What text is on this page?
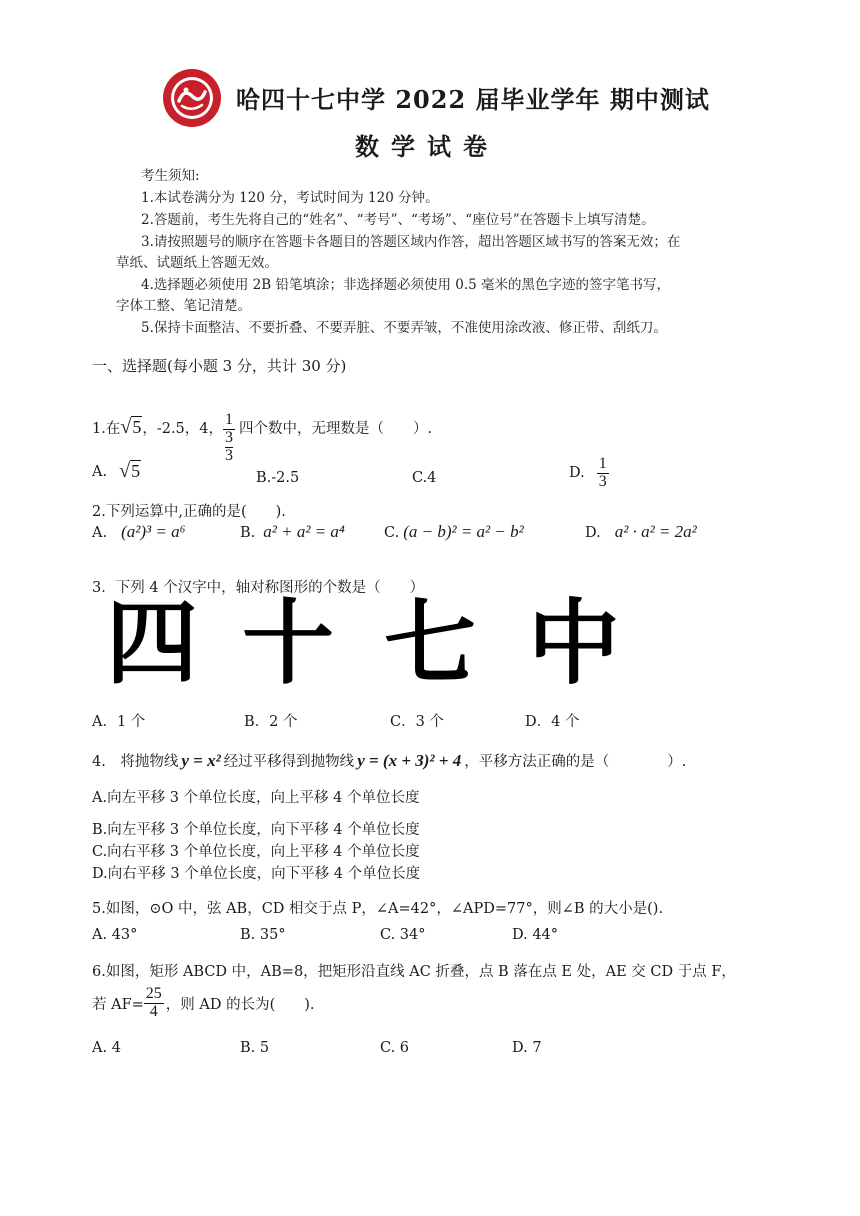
哈四十七中学 2022 届毕业学年 期中测试
数学试卷
考生须知:
1.本试卷满分为 120 分，考试时间为 120 分钟。
2.答题前，考生先将自己的“姓名”、“考号”、“考场”、“座位号”在答题卡上填写清楚。
3.请按照题号的顺序在答题卡各题目的答题区域内作答，超出答题区域书写的答案无效；在
草纸、试题纸上答题无效。
4.选择题必须使用 2B 铅笔填涂；非选择题必须使用 0.5 毫米的黑色字迹的签字笔书写，
字体工整、笔记清楚。
5.保持卡面整洁、不要折叠、不要弄脏、不要弄皱，不准使用涂改液、修正带、刮纸刀。
一、选择题(每小题 3 分，共计 30 分)
1.在 √5 ，-2.5，4，
1
3
3
四个数中，无理数是（　　）.
A. √5	B.-2.5	C.4	D. $\frac{1}{3}$
2.下列运算中,正确的是(　　).
A. (a²)³ = a⁶	B. a² + a² = a⁴	C. (a − b)² = a² − b²	D. a² · a² = 2a²
3．下列 4 个汉字中，轴对称图形的个数是（　　）
四 十 七 中
A．1 个	B．2 个	C．3 个	D．4 个
4.　将抛物线 y = x² 经过平移得到抛物线 y = (x + 3)² + 4 ，平移方法正确的是（　　　　）.
A.向左平移 3 个单位长度，向上平移 4 个单位长度
B.向左平移 3 个单位长度，向下平移 4 个单位长度
C.向右平移 3 个单位长度，向上平移 4 个单位长度
D.向右平移 3 个单位长度，向下平移 4 个单位长度
5.如图，⊙O 中，弦 AB，CD 相交于点 P，∠A=42°，∠APD=77°，则∠B 的大小是().
A. 43°	B. 35°	C. 34°	D. 44°
6.如图，矩形 ABCD 中，AB=8，把矩形沿直线 AC 折叠，点 B 落在点 E 处，AE 交 CD 于点 F，
若 $AF= \frac{25}{4}$ ，则 AD 的长为(　　).
A. 4	B. 5	C. 6	D. 7
